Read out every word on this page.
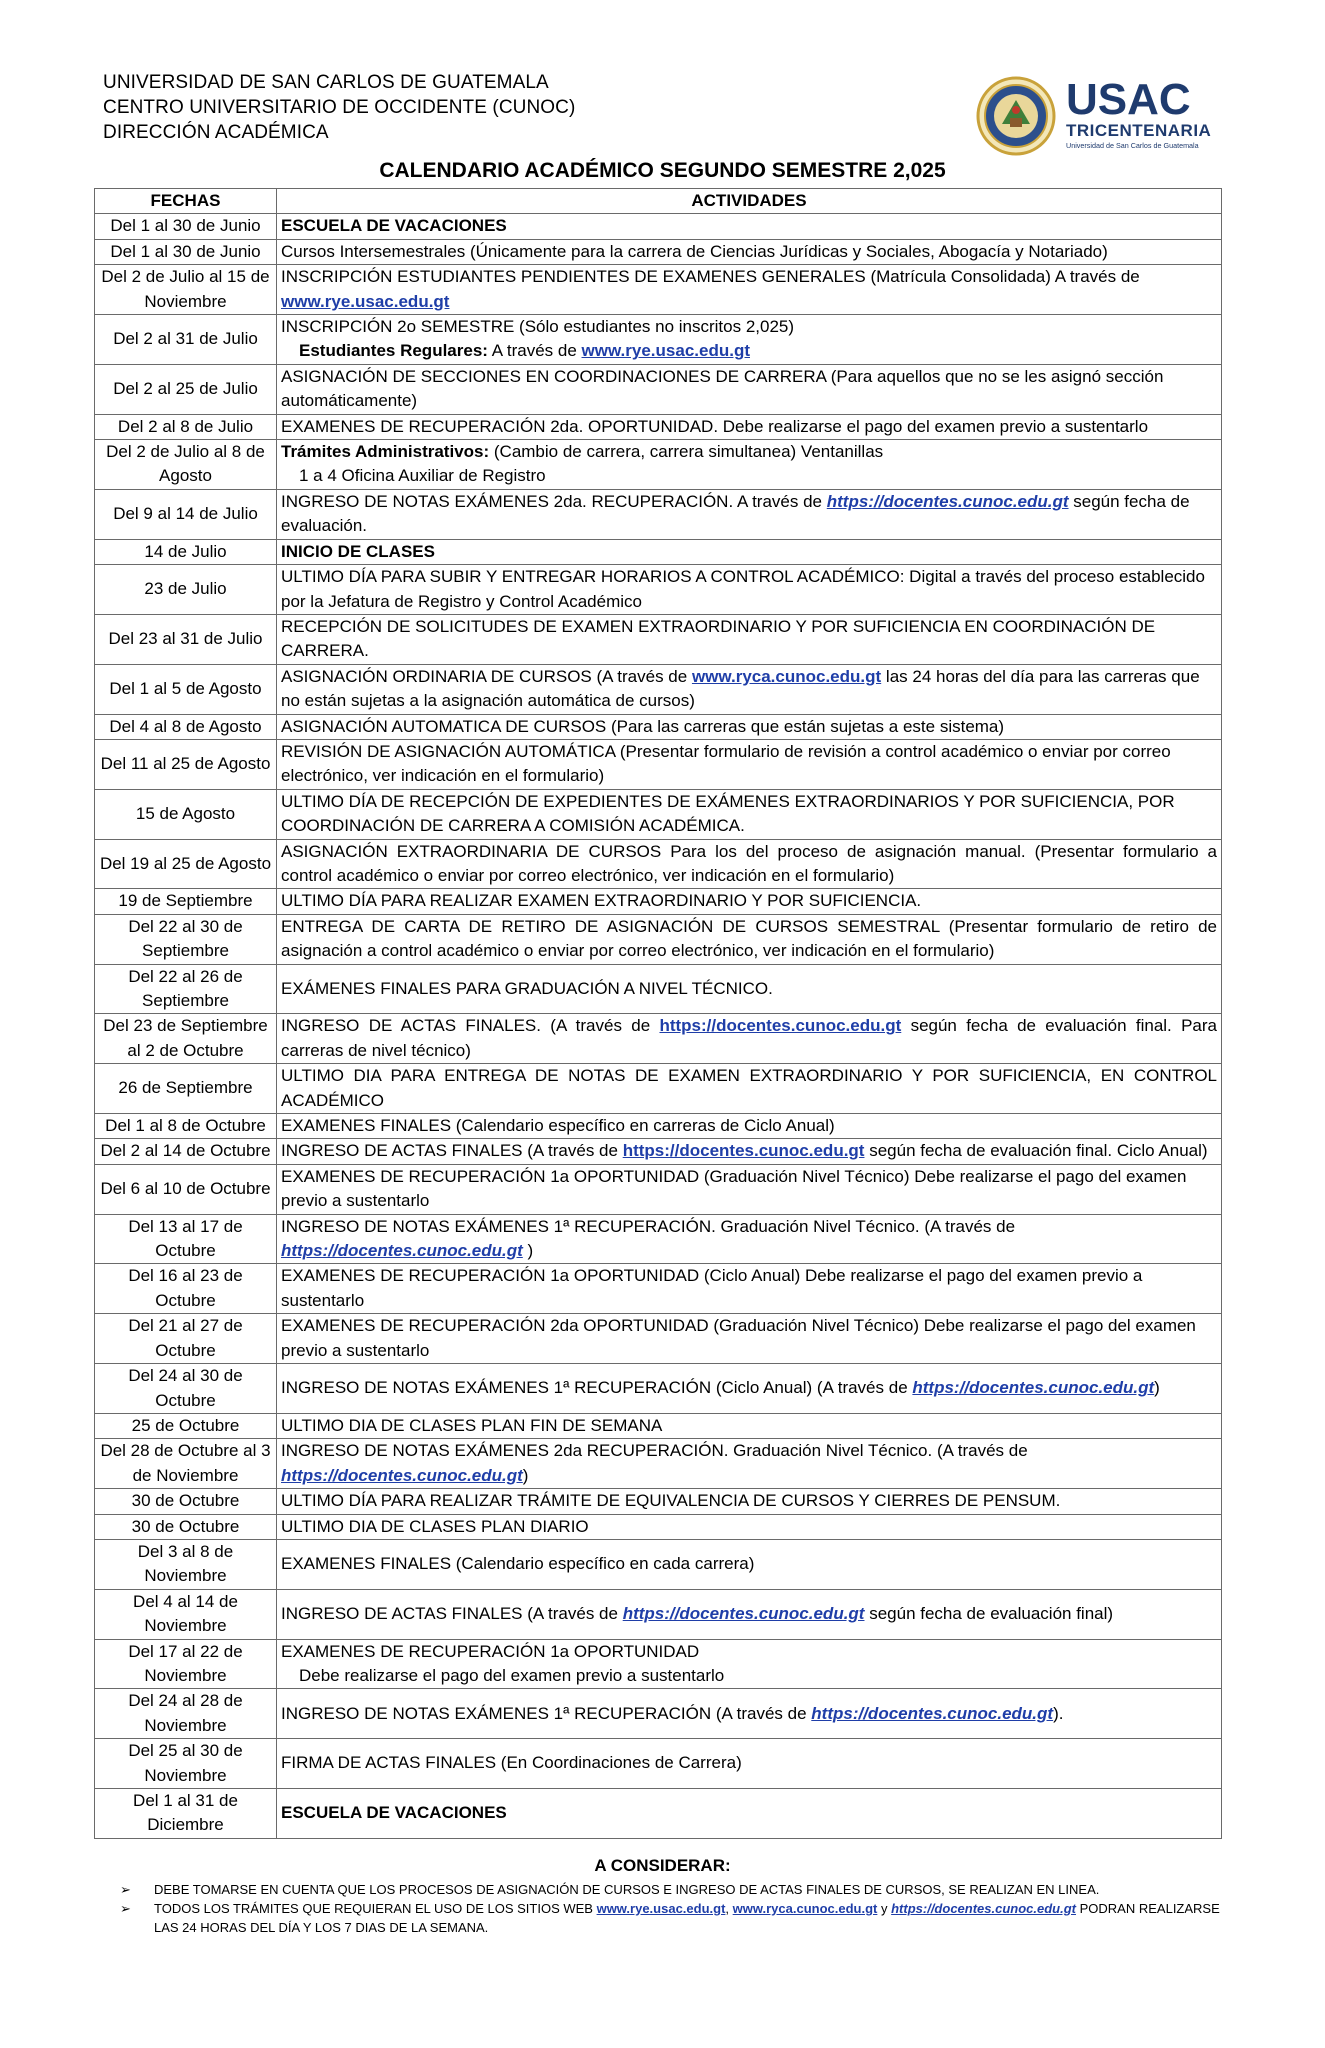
UNIVERSIDAD DE SAN CARLOS DE GUATEMALA
CENTRO UNIVERSITARIO DE OCCIDENTE (CUNOC)
DIRECCIÓN ACADÉMICA
USAC
TRICENTENARIA
Universidad de San Carlos de Guatemala
CALENDARIO ACADÉMICO SEGUNDO SEMESTRE 2,025
FECHAS	ACTIVIDADES
Del 1 al 30 de Junio	ESCUELA DE VACACIONES
Del 1 al 30 de Junio	Cursos Intersemestrales (Únicamente para la carrera de Ciencias Jurídicas y Sociales, Abogacía y Notariado)
Del 2 de Julio al 15 de Noviembre	INSCRIPCIÓN ESTUDIANTES PENDIENTES DE EXAMENES GENERALES (Matrícula Consolidada) A través de
www.rye.usac.edu.gt
Del 2 al 31 de Julio	INSCRIPCIÓN 2o SEMESTRE (Sólo estudiantes no inscritos 2,025)
Estudiantes Regulares: A través de www.rye.usac.edu.gt
Del 2 al 25 de Julio	ASIGNACIÓN DE SECCIONES EN COORDINACIONES DE CARRERA (Para aquellos que no se les asignó sección automáticamente)
Del 2 al 8 de Julio	EXAMENES DE RECUPERACIÓN 2da. OPORTUNIDAD. Debe realizarse el pago del examen previo a sustentarlo
Del 2 de Julio al 8 de Agosto	Trámites Administrativos: (Cambio de carrera, carrera simultanea) Ventanillas
1 a 4 Oficina Auxiliar de Registro
Del 9 al 14 de Julio	INGRESO DE NOTAS EXÁMENES 2da. RECUPERACIÓN. A través de https://docentes.cunoc.edu.gt según fecha de evaluación.
14 de Julio	INICIO DE CLASES
23 de Julio	ULTIMO DÍA PARA SUBIR Y ENTREGAR HORARIOS A CONTROL ACADÉMICO: Digital a través del proceso establecido por la Jefatura de Registro y Control Académico
Del 23 al 31 de Julio	RECEPCIÓN DE SOLICITUDES DE EXAMEN EXTRAORDINARIO Y POR SUFICIENCIA EN COORDINACIÓN DE CARRERA.
Del 1 al 5 de Agosto	ASIGNACIÓN ORDINARIA DE CURSOS (A través de www.ryca.cunoc.edu.gt las 24 horas del día para las carreras que no están sujetas a la asignación automática de cursos)
Del 4 al 8 de Agosto	ASIGNACIÓN AUTOMATICA DE CURSOS (Para las carreras que están sujetas a este sistema)
Del 11 al 25 de Agosto	REVISIÓN DE ASIGNACIÓN AUTOMÁTICA (Presentar formulario de revisión a control académico o enviar por correo electrónico, ver indicación en el formulario)
15 de Agosto	ULTIMO DÍA DE RECEPCIÓN DE EXPEDIENTES DE EXÁMENES EXTRAORDINARIOS Y POR SUFICIENCIA, POR COORDINACIÓN DE CARRERA A COMISIÓN ACADÉMICA.
Del 19 al 25 de Agosto	ASIGNACIÓN EXTRAORDINARIA DE CURSOS Para los del proceso de asignación manual. (Presentar formulario a control académico o enviar por correo electrónico, ver indicación en el formulario)
19 de Septiembre	ULTIMO DÍA PARA REALIZAR EXAMEN EXTRAORDINARIO Y POR SUFICIENCIA.
Del 22 al 30 de Septiembre	ENTREGA DE CARTA DE RETIRO DE ASIGNACIÓN DE CURSOS SEMESTRAL (Presentar formulario de retiro de asignación a control académico o enviar por correo electrónico, ver indicación en el formulario)
Del 22 al 26 de Septiembre	EXÁMENES FINALES PARA GRADUACIÓN A NIVEL TÉCNICO.
Del 23 de Septiembre al 2 de Octubre	INGRESO DE ACTAS FINALES. (A través de https://docentes.cunoc.edu.gt según fecha de evaluación final. Para carreras de nivel técnico)
26 de Septiembre	ULTIMO DIA PARA ENTREGA DE NOTAS DE EXAMEN EXTRAORDINARIO Y POR SUFICIENCIA, EN CONTROL ACADÉMICO
Del 1 al 8 de Octubre	EXAMENES FINALES (Calendario específico en carreras de Ciclo Anual)
Del 2 al 14 de Octubre	INGRESO DE ACTAS FINALES (A través de https://docentes.cunoc.edu.gt según fecha de evaluación final. Ciclo Anual)
Del 6 al 10 de Octubre	EXAMENES DE RECUPERACIÓN 1a OPORTUNIDAD (Graduación Nivel Técnico) Debe realizarse el pago del examen previo a sustentarlo
Del 13 al 17 de Octubre	INGRESO DE NOTAS EXÁMENES 1ª RECUPERACIÓN. Graduación Nivel Técnico. (A través de
https://docentes.cunoc.edu.gt )
Del 16 al 23 de Octubre	EXAMENES DE RECUPERACIÓN 1a OPORTUNIDAD (Ciclo Anual) Debe realizarse el pago del examen previo a sustentarlo
Del 21 al 27 de Octubre	EXAMENES DE RECUPERACIÓN 2da OPORTUNIDAD (Graduación Nivel Técnico) Debe realizarse el pago del examen previo a sustentarlo
Del 24 al 30 de Octubre	INGRESO DE NOTAS EXÁMENES 1ª RECUPERACIÓN (Ciclo Anual) (A través de https://docentes.cunoc.edu.gt)
25 de Octubre	ULTIMO DIA DE CLASES PLAN FIN DE SEMANA
Del 28 de Octubre al 3 de Noviembre	INGRESO DE NOTAS EXÁMENES 2da RECUPERACIÓN. Graduación Nivel Técnico. (A través de
https://docentes.cunoc.edu.gt)
30 de Octubre	ULTIMO DÍA PARA REALIZAR TRÁMITE DE EQUIVALENCIA DE CURSOS Y CIERRES DE PENSUM.
30 de Octubre	ULTIMO DIA DE CLASES PLAN DIARIO
Del 3 al 8 de Noviembre	EXAMENES FINALES (Calendario específico en cada carrera)
Del 4 al 14 de Noviembre	INGRESO DE ACTAS FINALES (A través de https://docentes.cunoc.edu.gt según fecha de evaluación final)
Del 17 al 22 de Noviembre	EXAMENES DE RECUPERACIÓN 1a OPORTUNIDAD
Debe realizarse el pago del examen previo a sustentarlo
Del 24 al 28 de Noviembre	INGRESO DE NOTAS EXÁMENES 1ª RECUPERACIÓN (A través de https://docentes.cunoc.edu.gt).
Del 25 al 30 de Noviembre	FIRMA DE ACTAS FINALES (En Coordinaciones de Carrera)
Del 1 al 31 de Diciembre	ESCUELA DE VACACIONES
A CONSIDERAR:
➢ DEBE TOMARSE EN CUENTA QUE LOS PROCESOS DE ASIGNACIÓN DE CURSOS E INGRESO DE ACTAS FINALES DE CURSOS, SE REALIZAN EN LINEA.
➢ TODOS LOS TRÁMITES QUE REQUIERAN EL USO DE LOS SITIOS WEB www.rye.usac.edu.gt, www.ryca.cunoc.edu.gt y https://docentes.cunoc.edu.gt PODRAN REALIZARSE LAS 24 HORAS DEL DÍA Y LOS 7 DIAS DE LA SEMANA.
